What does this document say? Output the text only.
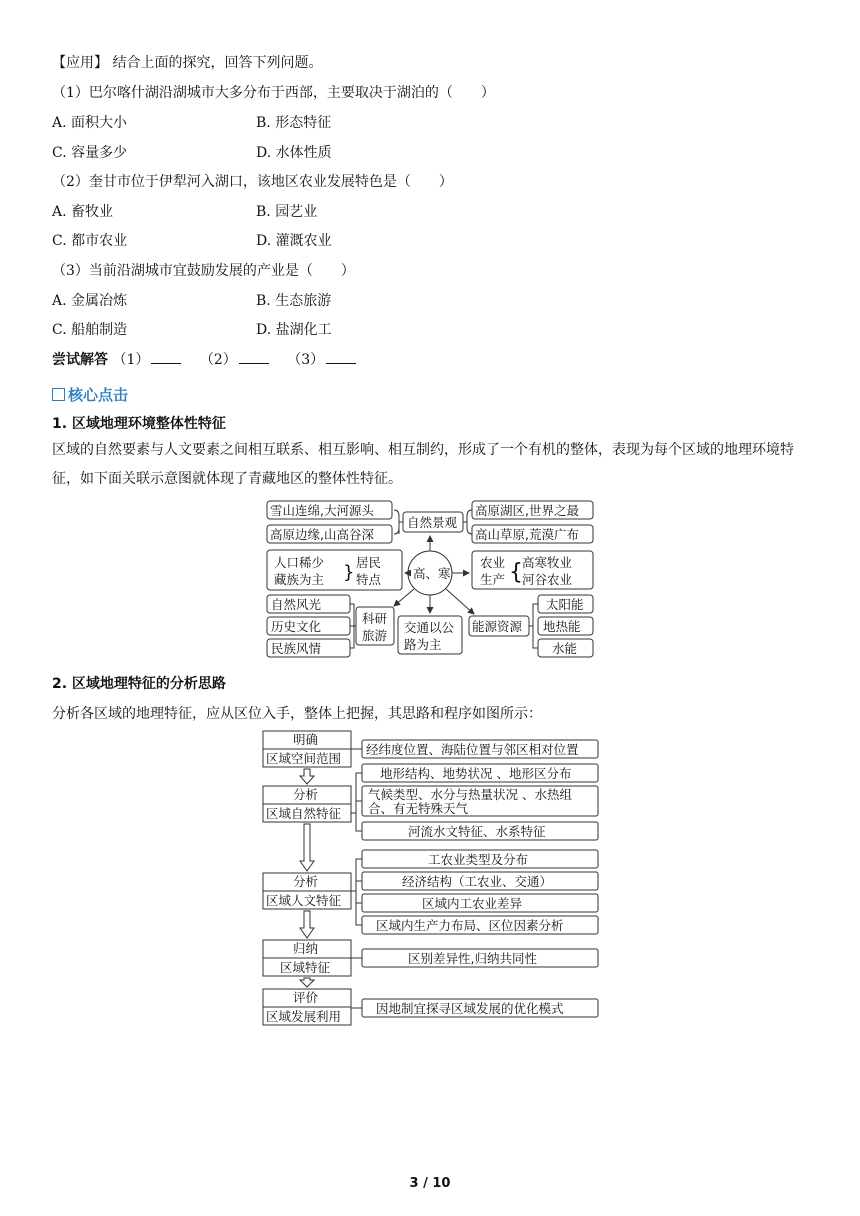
【应用】 结合上面的探究，回答下列问题。
（1）巴尔喀什湖沿湖城市大多分布于西部，主要取决于湖泊的（　　）
A. 面积大小	B. 形态特征
C. 容量多少	D. 水体性质
（2）奎甘市位于伊犁河入湖口，该地区农业发展特色是（　　）
A. 畜牧业	B. 园艺业
C. 都市农业	D. 灌溉农业
（3）当前沿湖城市宜鼓励发展的产业是（　　）
A. 金属冶炼	B. 生态旅游
C. 船舶制造	D. 盐湖化工
尝试解答 （1）	（2）	（3）
核心点击
1. 区域地理环境整体性特征
区域的自然要素与人文要素之间相互联系、相互影响、相互制约，形成了一个有机的整体，表现为每个区域的地理环境特征，如下面关联示意图就体现了青藏地区的整体性特征。
雪山连绵,大河源头
高原边缘,山高谷深
自然景观
高原湖区,世界之最
高山草原,荒漠广布
人口稀少
藏族为主 } 居民
特点	高、寒
农业
生产 { 高寒牧业
河谷农业
自然风光
历史文化
民族风情
科研
旅游
交通以公
路为主
能源资源
太阳能
地热能
水能
2. 区域地理特征的分析思路
分析各区域的地理特征，应从区位入手，整体上把握，其思路和程序如图所示：
明确
区域空间范围
分析
区域自然特征
分析
区域人文特征
归纳
区域特征
评价
区域发展利用
经纬度位置、海陆位置与邻区相对位置
地形结构、地势状况 、地形区分布
气候类型、水分与热量状况 、水热组
合、有无特殊天气
河流水文特征、水系特征
工农业类型及分布
经济结构（工农业、交通）
区域内工农业差异
区域内生产力布局、区位因素分析
区别差异性,归纳共同性
因地制宜探寻区域发展的优化模式
3 / 10
